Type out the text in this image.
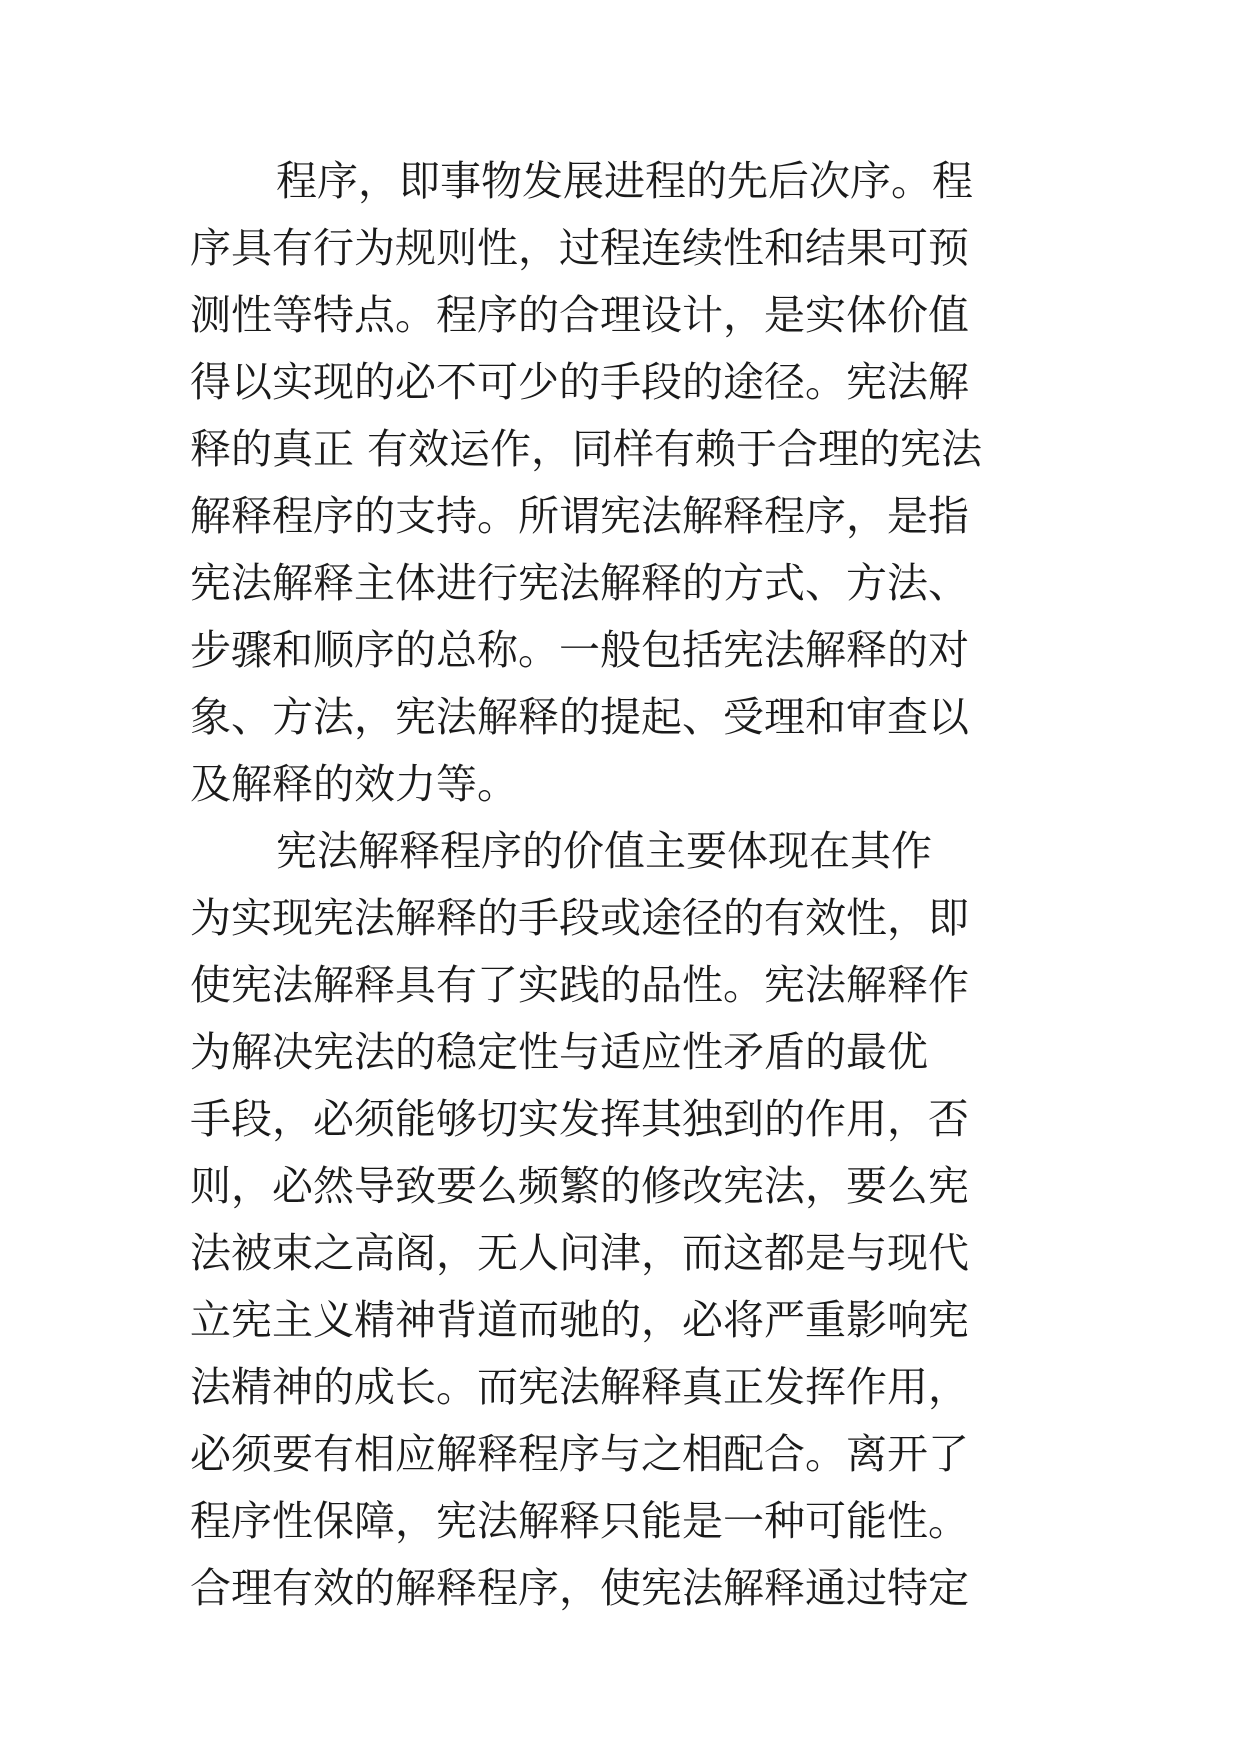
程序，即事物发展进程的先后次序。程

序具有行为规则性，过程连续性和结果可预

测性等特点。程序的合理设计，是实体价值

得以实现的必不可少的手段的途径。宪法解

释的真正 有效运作，同样有赖于合理的宪法

解释程序的支持。所谓宪法解释程序，是指

宪法解释主体进行宪法解释的方式、方法、

步骤和顺序的总称。一般包括宪法解释的对

象、方法，宪法解释的提起、受理和审查以

及解释的效力等。

宪法解释程序的价值主要体现在其作

为实现宪法解释的手段或途径的有效性，即

使宪法解释具有了实践的品性。宪法解释作

为解决宪法的稳定性与适应性矛盾的最优

手段，必须能够切实发挥其独到的作用，否

则，必然导致要么频繁的修改宪法，要么宪

法被束之高阁，无人问津，而这都是与现代

立宪主义精神背道而驰的，必将严重影响宪

法精神的成长。而宪法解释真正发挥作用，

必须要有相应解释程序与之相配合。离开了

程序性保障，宪法解释只能是一种可能性。

合理有效的解释程序，使宪法解释通过特定
